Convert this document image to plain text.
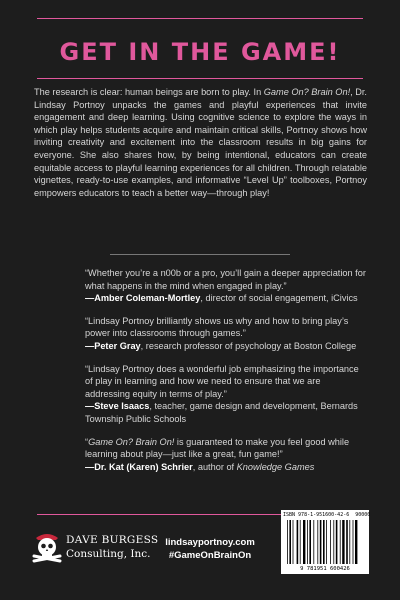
GET IN THE GAME!

The research is clear: human beings are born to play. In Game On? Brain On!, Dr. Lindsay Portnoy unpacks the games and playful experiences that invite engagement and deep learning. Using cognitive science to explore the ways in which play helps students acquire and maintain critical skills, Portnoy shows how inviting creativity and excitement into the classroom results in big gains for everyone. She also shares how, by being intentional, educators can create equitable access to playful learning experiences for all children. Through relatable vignettes, ready-to-use examples, and informative “Level Up” toolboxes, Portnoy empowers educators to teach a better way—through play!

“Whether you’re a n00b or a pro, you’ll gain a deeper appreciation for what happens in the mind when engaged in play.”

—Amber Coleman-Mortley, director of social engagement, iCivics

“Lindsay Portnoy brilliantly shows us why and how to bring play’s power into classrooms through games.”

—Peter Gray, research professor of psychology at Boston College

“Lindsay Portnoy does a wonderful job emphasizing the importance of play in learning and how we need to ensure that we are addressing equity in terms of play.”

—Steve Isaacs, teacher, game design and development, Bernards Township Public Schools

“Game On? Brain On! is guaranteed to make you feel good while learning about play—just like a great, fun game!”

—Dr. Kat (Karen) Schrier, author of Knowledge Games

DAVE BURGESS
Consulting, Inc.
lindsayportnoy.com
#GameOnBrainOn
ISBN 978-1-951600-42-6 90000
9 781951 600426
